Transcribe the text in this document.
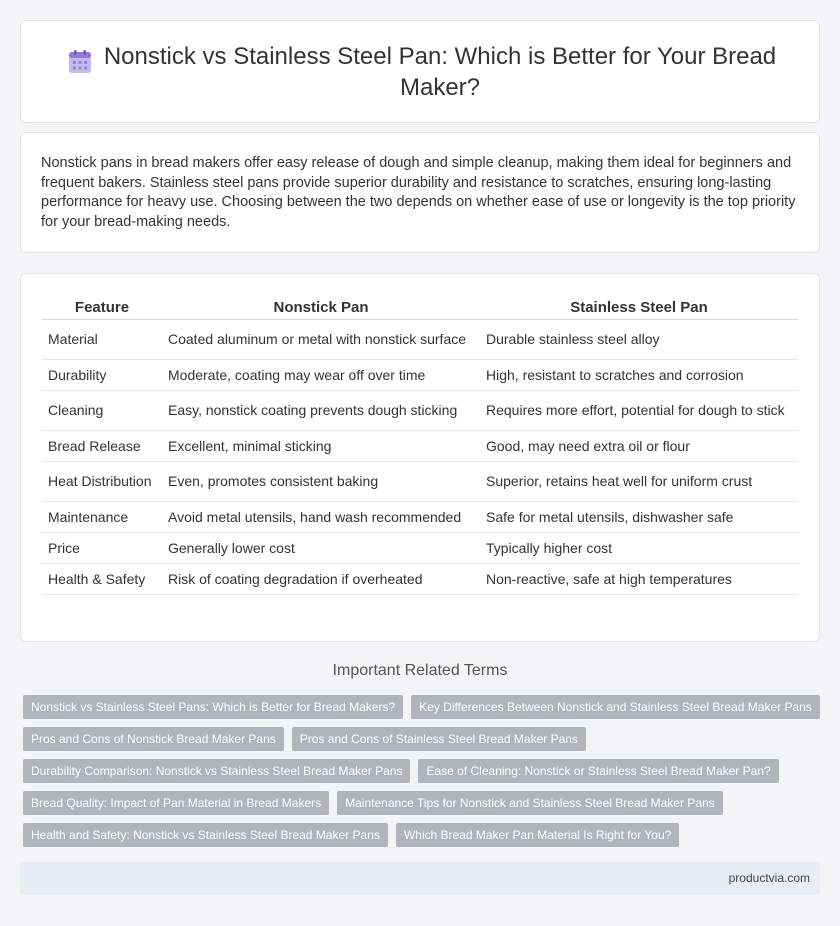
Nonstick vs Stainless Steel Pan: Which is Better for Your Bread Maker?

Nonstick pans in bread makers offer easy release of dough and simple cleanup, making them ideal for beginners and frequent bakers. Stainless steel pans provide superior durability and resistance to scratches, ensuring long-lasting performance for heavy use. Choosing between the two depends on whether ease of use or longevity is the top priority for your bread-making needs.

Feature	Nonstick Pan	Stainless Steel Pan
Material	Coated aluminum or metal with nonstick surface	Durable stainless steel alloy
Durability	Moderate, coating may wear off over time	High, resistant to scratches and corrosion
Cleaning	Easy, nonstick coating prevents dough sticking	Requires more effort, potential for dough to stick
Bread Release	Excellent, minimal sticking	Good, may need extra oil or flour
Heat Distribution	Even, promotes consistent baking	Superior, retains heat well for uniform crust
Maintenance	Avoid metal utensils, hand wash recommended	Safe for metal utensils, dishwasher safe
Price	Generally lower cost	Typically higher cost
Health & Safety	Risk of coating degradation if overheated	Non-reactive, safe at high temperatures
Important Related Terms
Nonstick vs Stainless Steel Pans: Which is Better for Bread Makers?	Key Differences Between Nonstick and Stainless Steel Bread Maker Pans
Pros and Cons of Nonstick Bread Maker Pans	Pros and Cons of Stainless Steel Bread Maker Pans
Durability Comparison: Nonstick vs Stainless Steel Bread Maker Pans	Ease of Cleaning: Nonstick or Stainless Steel Bread Maker Pan?
Bread Quality: Impact of Pan Material in Bread Makers	Maintenance Tips for Nonstick and Stainless Steel Bread Maker Pans
Health and Safety: Nonstick vs Stainless Steel Bread Maker Pans	Which Bread Maker Pan Material Is Right for You?
productvia.com
